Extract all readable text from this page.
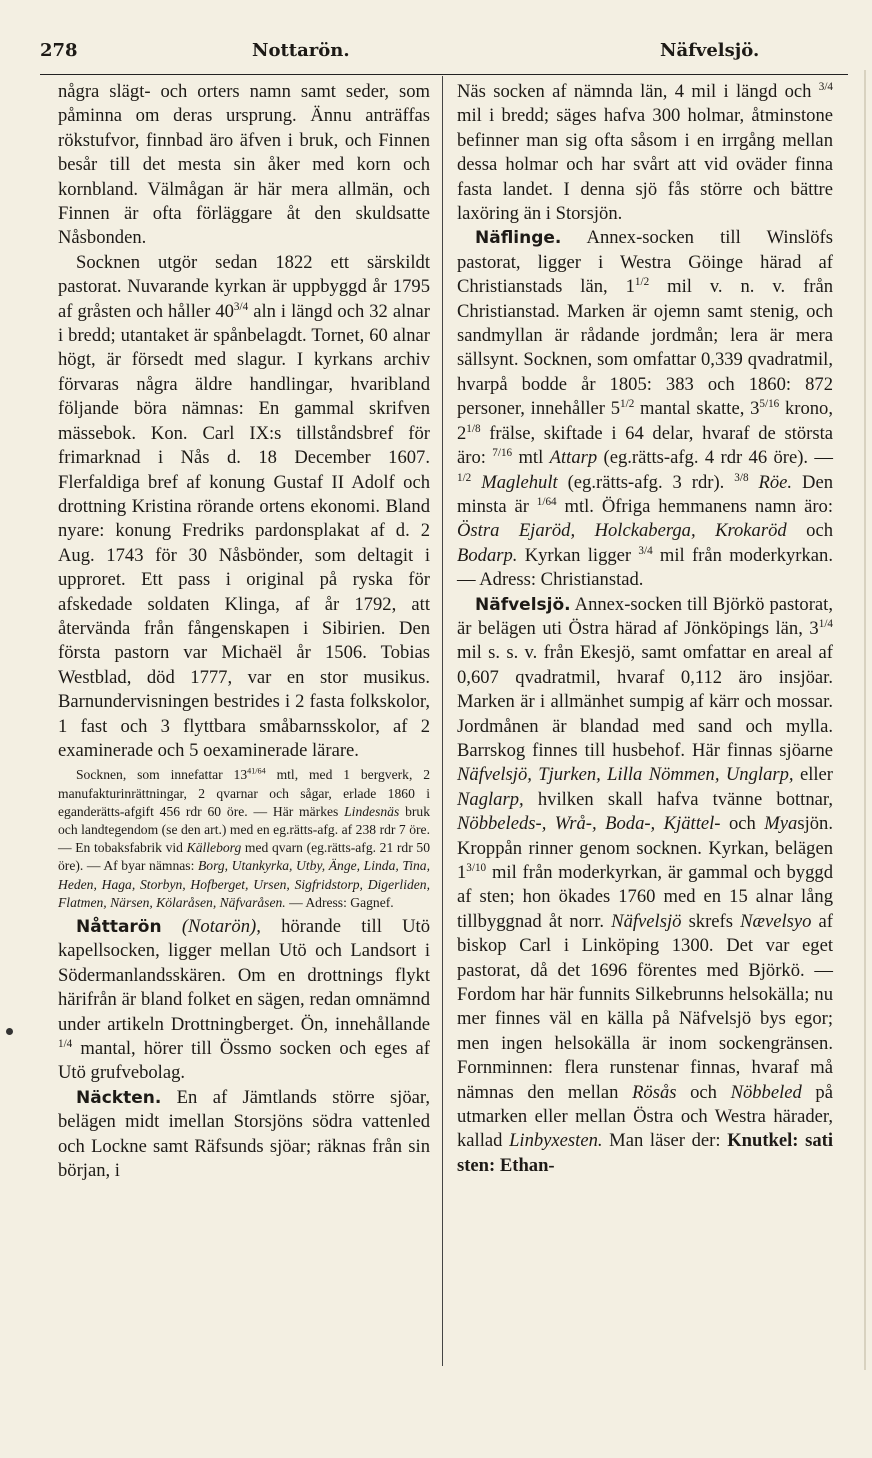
278	Nottarön.	Näfvelsjö.

några slägt- och orters namn samt seder, som påminna om deras ursprung. Ännu anträffas rökstufvor, finnbad äro äfven i bruk, och Finnen besår till det mesta sin åker med korn och kornbland. Välmågan är här mera allmän, och Finnen är ofta förläggare åt den skuldsatte Nåsbonden.

Socknen utgör sedan 1822 ett särskildt pastorat. Nuvarande kyrkan är uppbyggd år 1795 af gråsten och håller $40^{3/4}$ aln i längd och 32 alnar i bredd; utantaket är spånbelagdt. Tornet, 60 alnar högt, är försedt med slagur. I kyrkans archiv förvaras några äldre handlingar, hvaribland följande böra nämnas: En gammal skrifven mässebok. Kon. Carl IX:s tillståndsbref för frimarknad i Nås d. 18 December 1607. Flerfaldiga bref af konung Gustaf II Adolf och drottning Kristina rörande ortens ekonomi. Bland nyare: konung Fredriks pardonsplakat af d. 2 Aug. 1743 för 30 Nåsbönder, som deltagit i upproret. Ett pass i original på ryska för afskedade soldaten Klinga, af år 1792, att återvända från fångenskapen i Sibirien. Den första pastorn var Michaël år 1506. Tobias Westblad, död 1777, var en stor musikus. Barnundervisningen bestrides i 2 fasta folkskolor, 1 fast och 3 flyttbara småbarnsskolor, af 2 examinerade och 5 oexaminerade lärare.

Socknen, som innefattar $13^{41/64}$ mtl, med 1 bergverk, 2 manufakturinrättningar, 2 qvarnar och sågar, erlade 1860 i eganderätts-afgift 456 rdr 60 öre. — Här märkes Lindesnäs bruk och landtegendom (se den art.) med en eg.rätts-afg. af 238 rdr 7 öre. — En tobaksfabrik vid Källeborg med qvarn (eg.rätts-afg. 21 rdr 50 öre). — Af byar nämnas: Borg, Utankyrka, Utby, Änge, Linda, Tina, Heden, Haga, Storbyn, Hofberget, Ursen, Sigfridstorp, Digerliden, Flatmen, Närsen, Kölaråsen, Näfvaråsen. — Adress: Gagnef.

Nåttarön (Notarön), hörande till Utö kapellsocken, ligger mellan Utö och Landsort i Södermanlandsskären. Om en drottnings flykt härifrån är bland folket en sägen, redan omnämnd under artikeln Drottningberget. Ön, innehållande $^{1/4}$ mantal, hörer till Össmo socken och eges af Utö grufvebolag.

Näckten. En af Jämtlands större sjöar, belägen midt imellan Storsjöns södra vattenled och Lockne samt Räfsunds sjöar; räknas från sin början, i

Näs socken af nämnda län, 4 mil i längd och $^{3/4}$ mil i bredd; säges hafva 300 holmar, åtminstone befinner man sig ofta såsom i en irrgång mellan dessa holmar och har svårt att vid oväder finna fasta landet. I denna sjö fås större och bättre laxöring än i Storsjön.

Näflinge. Annex-socken till Winslöfs pastorat, ligger i Westra Göinge härad af Christianstads län, $1^{1/2}$ mil v. n. v. från Christianstad. Marken är ojemn samt stenig, och sandmyllan är rådande jordmån; lera är mera sällsynt. Socknen, som omfattar 0,339 qvadratmil, hvarpå bodde år 1805: 383 och 1860: 872 personer, innehåller $5^{1/2}$ mantal skatte, $3^{5/16}$ krono, $2^{1/8}$ frälse, skiftade i 64 delar, hvaraf de största äro: $^{7/16}$ mtl Attarp (eg.rätts-afg. 4 rdr 46 öre). — $^{1/2}$ Maglehult (eg.rätts-afg. 3 rdr). $^{3/8}$ Röe. Den minsta är $^{1/64}$ mtl. Öfriga hemmanens namn äro: Östra Ejaröd, Holckaberga, Krokaröd och Bodarp. Kyrkan ligger $^{3/4}$ mil från moderkyrkan. — Adress: Christianstad.

Näfvelsjö. Annex-socken till Björkö pastorat, är belägen uti Östra härad af Jönköpings län, $3^{1/4}$ mil s. s. v. från Ekesjö, samt omfattar en areal af 0,607 qvadratmil, hvaraf 0,112 äro insjöar. Marken är i allmänhet sumpig af kärr och mossar. Jordmånen är blandad med sand och mylla. Barrskog finnes till husbehof. Här finnas sjöarne Näfvelsjö, Tjurken, Lilla Nömmen, Unglarp, eller Naglarp, hvilken skall hafva tvänne bottnar, Nöbbeleds-, Wrå-, Boda-, Kjättel- och Myasjön. Kroppån rinner genom socknen. Kyrkan, belägen $1^{3/10}$ mil från moderkyrkan, är gammal och byggd af sten; hon ökades 1760 med en 15 alnar lång tillbyggnad åt norr. Näfvelsjö skrefs Nævelsyo af biskop Carl i Linköping 1300. Det var eget pastorat, då det 1696 förentes med Björkö. — Fordom har här funnits Silkebrunns helsokälla; nu mer finnes väl en källa på Näfvelsjö bys egor; men ingen helsokälla är inom sockengränsen. Fornminnen: flera runstenar finnas, hvaraf må nämnas den mellan Rösås och Nöbbeled på utmarken eller mellan Östra och Westra härader, kallad Linbyxesten. Man läser der: Knutkel: sati sten: Ethan-
